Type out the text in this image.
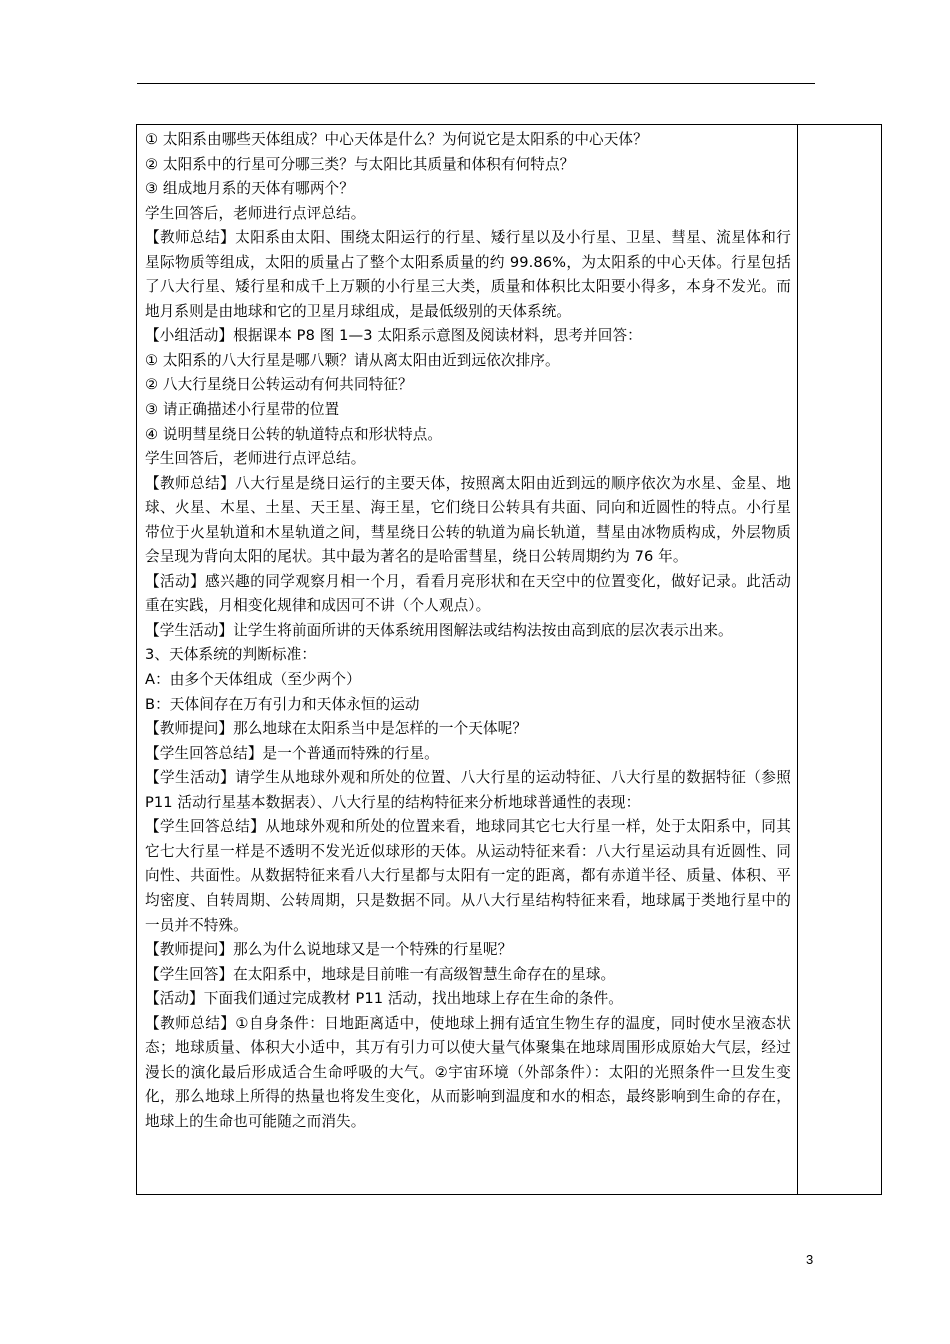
① 太阳系由哪些天体组成？中心天体是什么？为何说它是太阳系的中心天体？

② 太阳系中的行星可分哪三类？与太阳比其质量和体积有何特点？

③ 组成地月系的天体有哪两个？

学生回答后，老师进行点评总结。

【教师总结】太阳系由太阳、围绕太阳运行的行星、矮行星以及小行星、卫星、彗星、流星体和行星际物质等组成，太阳的质量占了整个太阳系质量的约 99.86%，为太阳系的中心天体。行星包括了八大行星、矮行星和成千上万颗的小行星三大类，质量和体积比太阳要小得多，本身不发光。而地月系则是由地球和它的卫星月球组成，是最低级别的天体系统。

【小组活动】根据课本 P8 图 1—3 太阳系示意图及阅读材料，思考并回答：

① 太阳系的八大行星是哪八颗？请从离太阳由近到远依次排序。

② 八大行星绕日公转运动有何共同特征？

③ 请正确描述小行星带的位置

④ 说明彗星绕日公转的轨道特点和形状特点。

学生回答后，老师进行点评总结。

【教师总结】八大行星是绕日运行的主要天体，按照离太阳由近到远的顺序依次为水星、金星、地球、火星、木星、土星、天王星、海王星，它们绕日公转具有共面、同向和近圆性的特点。小行星带位于火星轨道和木星轨道之间，彗星绕日公转的轨道为扁长轨道，彗星由冰物质构成，外层物质会呈现为背向太阳的尾状。其中最为著名的是哈雷彗星，绕日公转周期约为 76 年。

【活动】感兴趣的同学观察月相一个月，看看月亮形状和在天空中的位置变化，做好记录。此活动重在实践，月相变化规律和成因可不讲（个人观点）。

【学生活动】让学生将前面所讲的天体系统用图解法或结构法按由高到底的层次表示出来。

3、天体系统的判断标准：

A：由多个天体组成（至少两个）

B：天体间存在万有引力和天体永恒的运动

【教师提问】那么地球在太阳系当中是怎样的一个天体呢？

【学生回答总结】是一个普通而特殊的行星。

【学生活动】请学生从地球外观和所处的位置、八大行星的运动特征、八大行星的数据特征（参照 P11 活动行星基本数据表）、八大行星的结构特征来分析地球普通性的表现：

【学生回答总结】从地球外观和所处的位置来看，地球同其它七大行星一样，处于太阳系中，同其它七大行星一样是不透明不发光近似球形的天体。从运动特征来看：八大行星运动具有近圆性、同向性、共面性。从数据特征来看八大行星都与太阳有一定的距离，都有赤道半径、质量、体积、平均密度、自转周期、公转周期，只是数据不同。从八大行星结构特征来看，地球属于类地行星中的一员并不特殊。

【教师提问】那么为什么说地球又是一个特殊的行星呢？

【学生回答】在太阳系中，地球是目前唯一有高级智慧生命存在的星球。

【活动】下面我们通过完成教材 P11 活动，找出地球上存在生命的条件。

【教师总结】①自身条件：日地距离适中，使地球上拥有适宜生物生存的温度，同时使水呈液态状态；地球质量、体积大小适中，其万有引力可以使大量气体聚集在地球周围形成原始大气层，经过漫长的演化最后形成适合生命呼吸的大气。②宇宙环境（外部条件）：太阳的光照条件一旦发生变化，那么地球上所得的热量也将发生变化，从而影响到温度和水的相态，最终影响到生命的存在，地球上的生命也可能随之而消失。

3
